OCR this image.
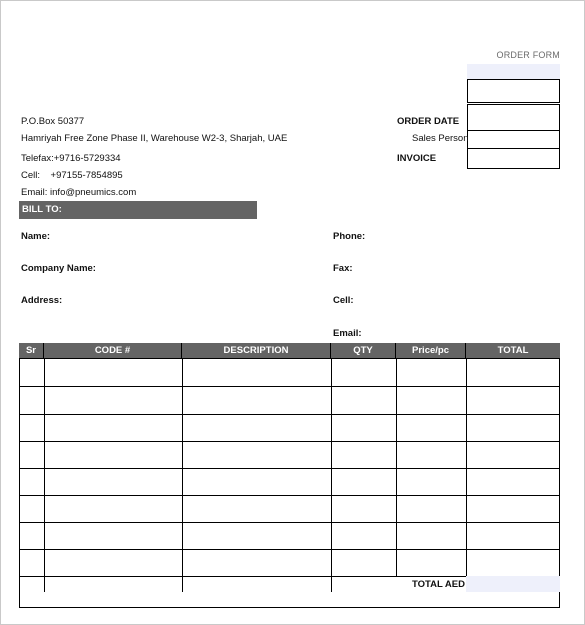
ORDER FORM
ORDER DATE
Sales Person
INVOICE
P.O.Box 50377
Hamriyah Free Zone Phase II, Warehouse W2-3, Sharjah, UAE
Telefax:+9716-5729334
Cell:    +97155-7854895
Email: info@pneumics.com
BILL TO:
Name:
Company Name:
Address:
Phone:
Fax:
Cell:
Email:
Sr	CODE #	DESCRIPTION	QTY	Price/pc	TOTAL
TOTAL AED
